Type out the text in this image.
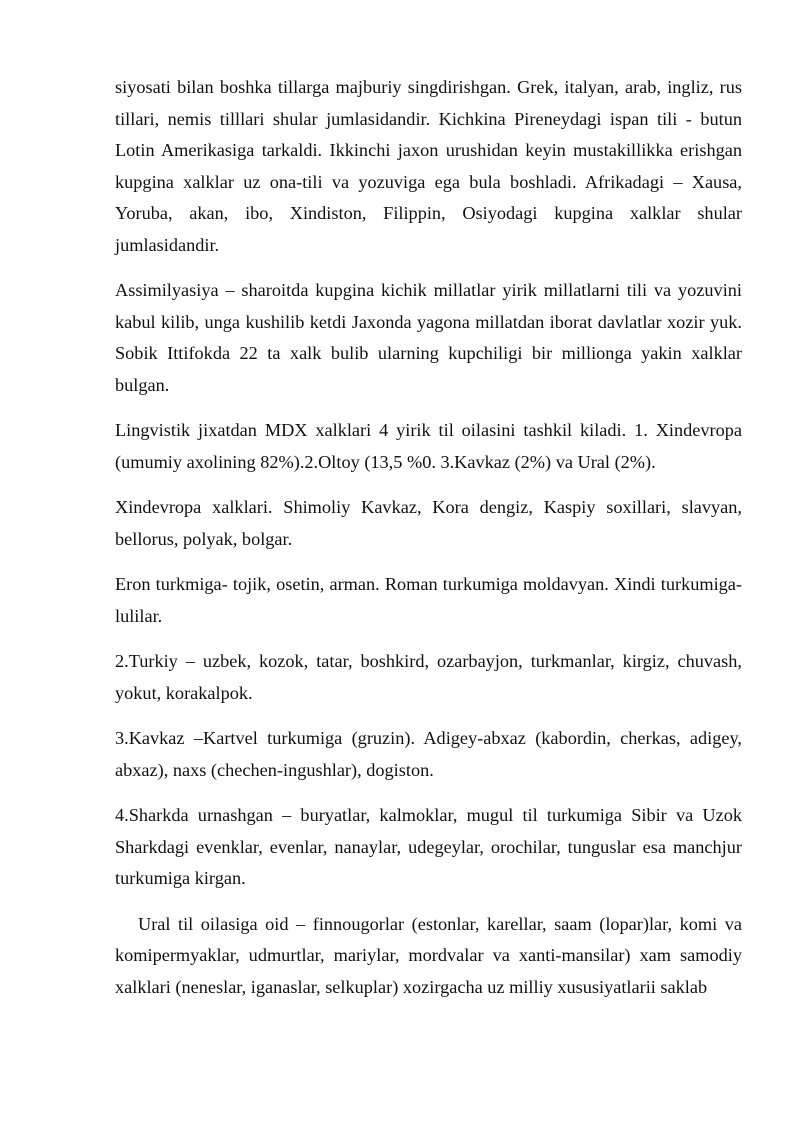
siyosati bilan boshka tillarga majburiy singdirishgan. Grek, italyan, arab, ingliz, rus tillari, nemis tilllari shular jumlasidandir. Kichkina Pireneydagi ispan tili - butun Lotin Amerikasiga tarkaldi. Ikkinchi jaxon urushidan keyin mustakillikka erishgan kupgina xalklar uz ona-tili va yozuviga ega bula boshladi. Afrikadagi – Xausa, Yoruba, akan, ibo, Xindiston, Filippin, Osiyodagi kupgina xalklar shular jumlasidandir.

Assimilyasiya – sharoitda kupgina kichik millatlar yirik millatlarni tili va yozuvini kabul kilib, unga kushilib ketdi Jaxonda yagona millatdan iborat davlatlar xozir yuk. Sobik Ittifokda 22 ta xalk bulib ularning kupchiligi bir millionga yakin xalklar bulgan.

Lingvistik jixatdan MDX xalklari 4 yirik til oilasini tashkil kiladi. 1. Xindevropa (umumiy axolining 82%).2.Oltoy (13,5 %0. 3.Kavkaz (2%) va Ural (2%).

Xindevropa xalklari. Shimoliy Kavkaz, Kora dengiz, Kaspiy soxillari, slavyan, bellorus, polyak, bolgar.

Eron turkmiga- tojik, osetin, arman. Roman turkumiga moldavyan. Xindi turkumiga-lulilar.

2.Turkiy – uzbek, kozok, tatar, boshkird, ozarbayjon, turkmanlar, kirgiz, chuvash, yokut, korakalpok.

3.Kavkaz –Kartvel turkumiga (gruzin). Adigey-abxaz (kabordin, cherkas, adigey, abxaz), naxs (chechen-ingushlar), dogiston.

4.Sharkda urnashgan – buryatlar, kalmoklar, mugul til turkumiga Sibir va Uzok Sharkdagi evenklar, evenlar, nanaylar, udegeylar, orochilar, tunguslar esa manchjur turkumiga kirgan.

Ural til oilasiga oid – finnougorlar (estonlar, karellar, saam (lopar)lar, komi va komipermyaklar, udmurtlar, mariylar, mordvalar va xanti-mansilar) xam samodiy xalklari (neneslar, iganaslar, selkuplar) xozirgacha uz milliy xususiyatlarii saklab
